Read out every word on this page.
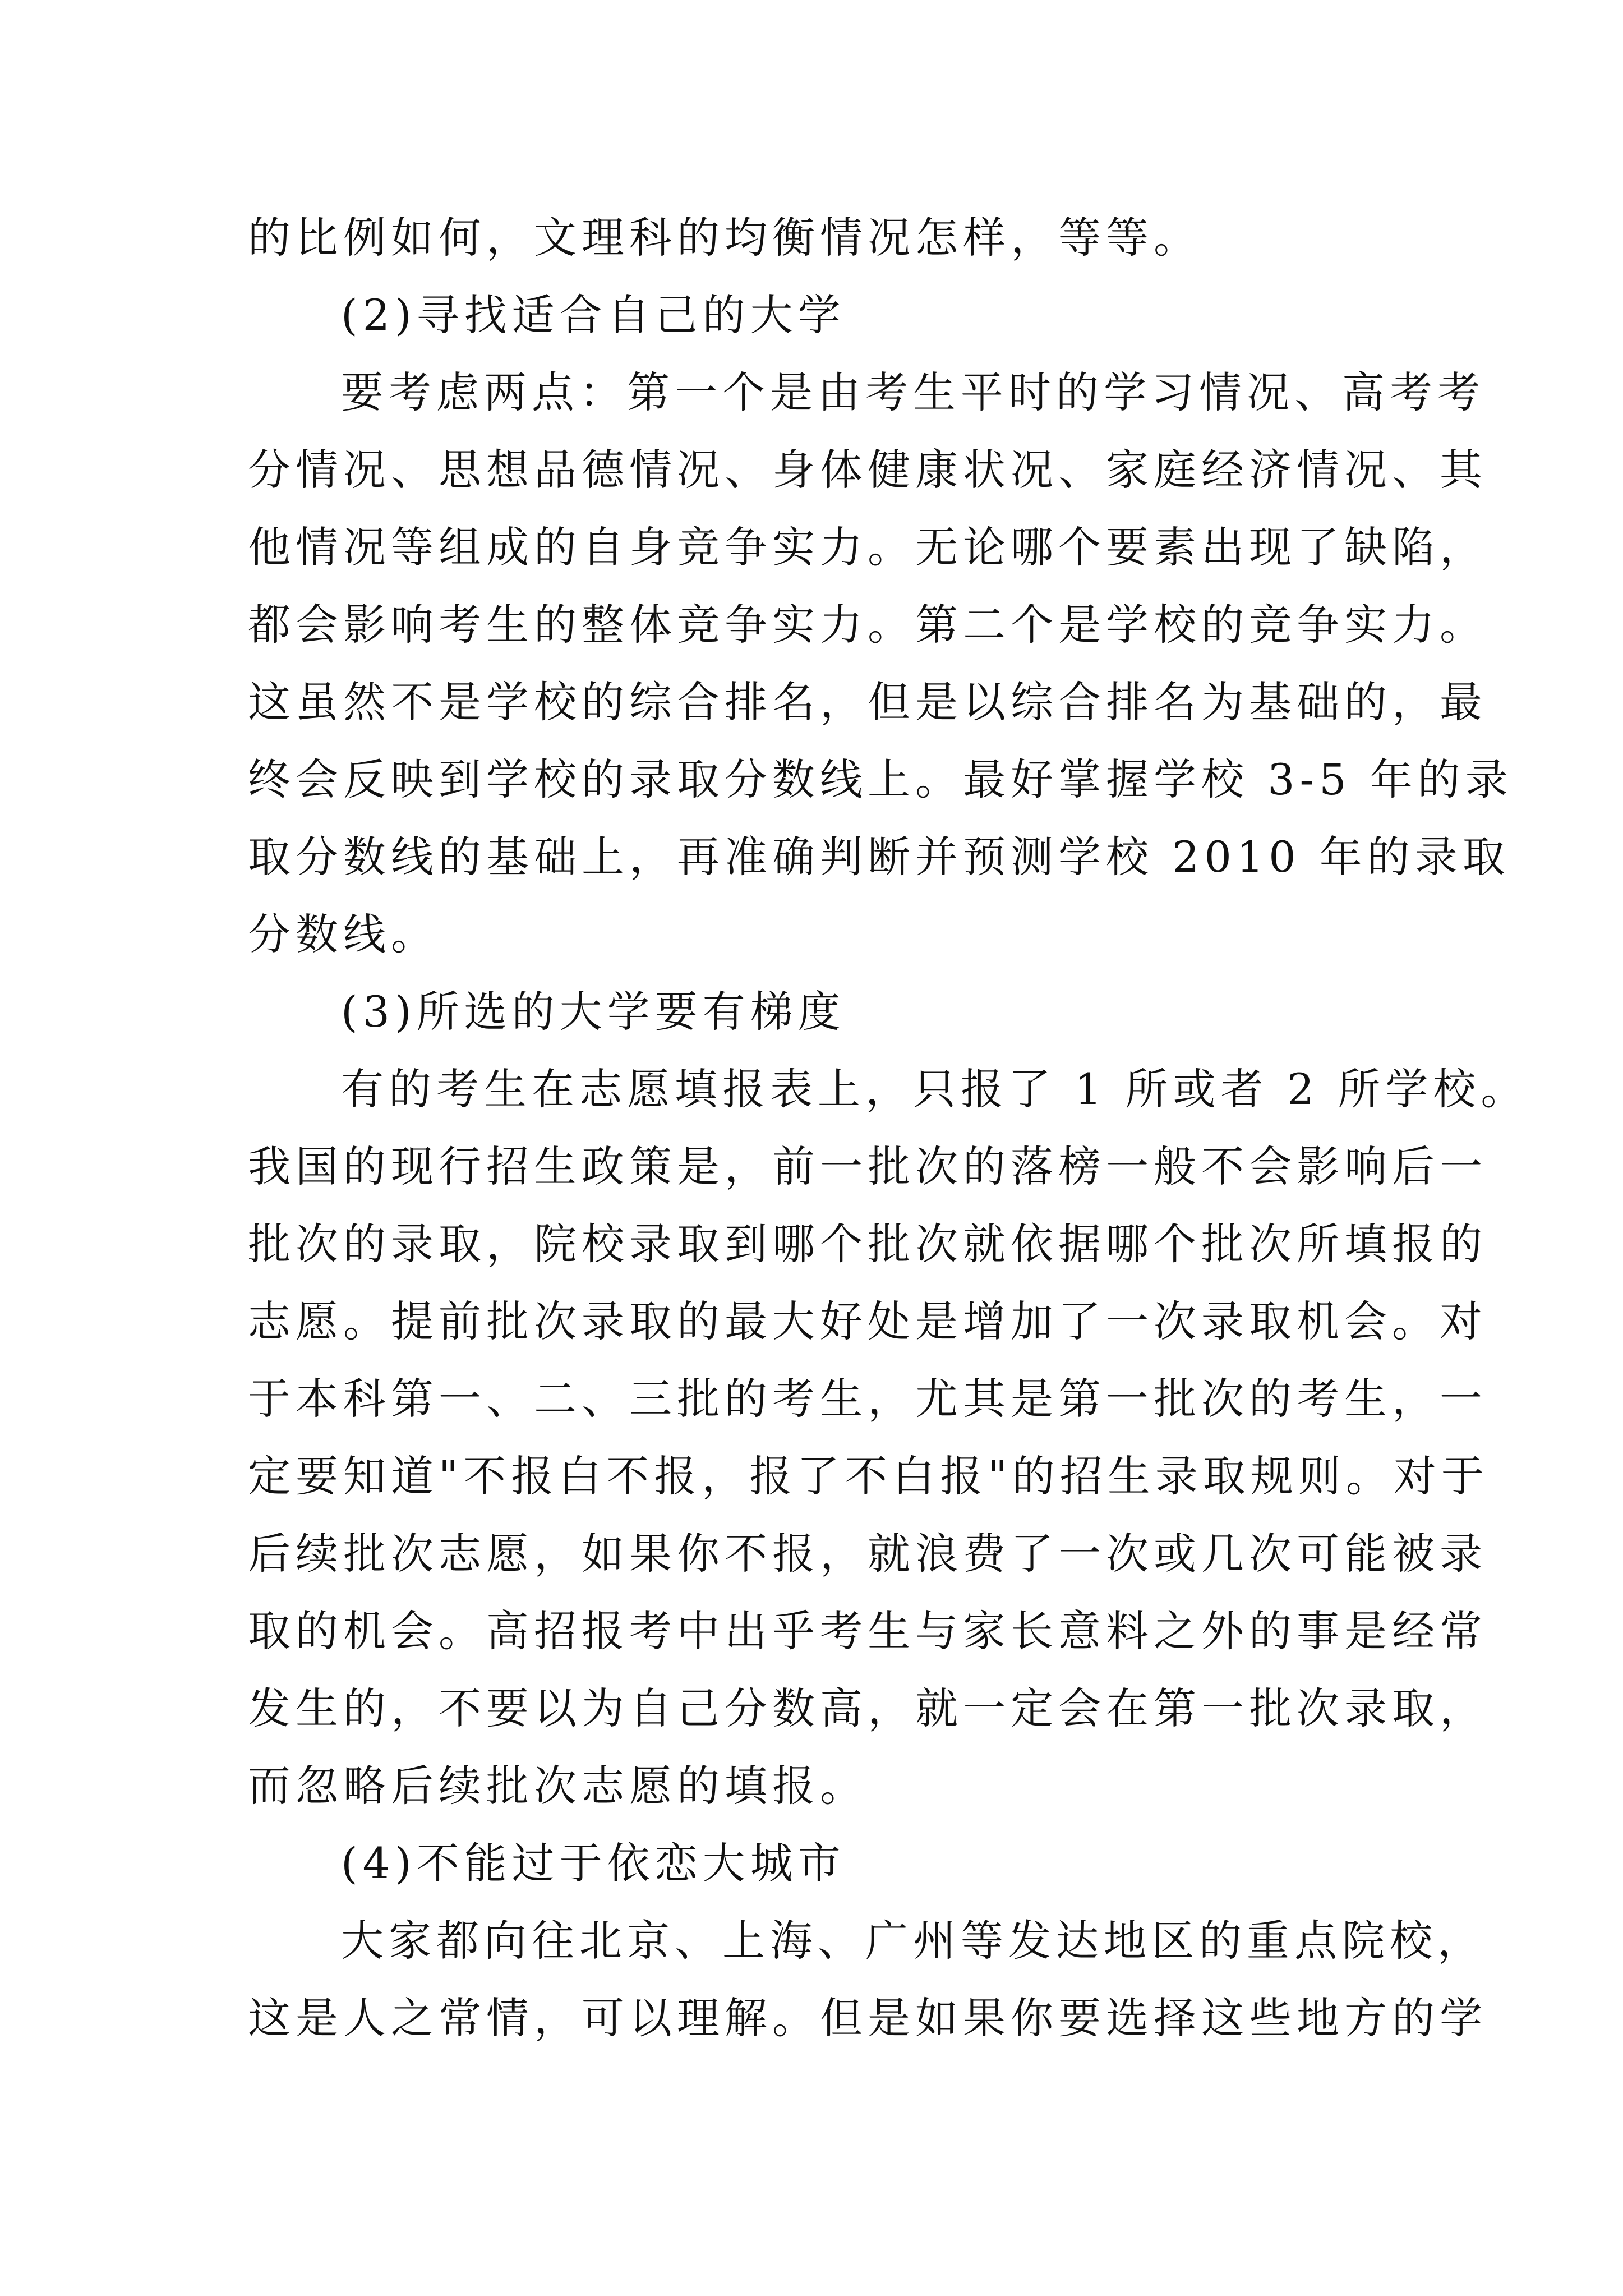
的比例如何，文理科的均衡情况怎样，等等。
(2)寻找适合自己的大学
要考虑两点：第一个是由考生平时的学习情况、高考考
分情况、思想品德情况、身体健康状况、家庭经济情况、其
他情况等组成的自身竞争实力。无论哪个要素出现了缺陷，
都会影响考生的整体竞争实力。第二个是学校的竞争实力。
这虽然不是学校的综合排名，但是以综合排名为基础的，最
终会反映到学校的录取分数线上。最好掌握学校 3-5 年的录
取分数线的基础上，再准确判断并预测学校 2010 年的录取
分数线。
(3)所选的大学要有梯度
有的考生在志愿填报表上，只报了 1 所或者 2 所学校。
我国的现行招生政策是，前一批次的落榜一般不会影响后一
批次的录取，院校录取到哪个批次就依据哪个批次所填报的
志愿。提前批次录取的最大好处是增加了一次录取机会。对
于本科第一、二、三批的考生，尤其是第一批次的考生，一
定要知道"不报白不报，报了不白报"的招生录取规则。对于
后续批次志愿，如果你不报，就浪费了一次或几次可能被录
取的机会。高招报考中出乎考生与家长意料之外的事是经常
发生的，不要以为自己分数高，就一定会在第一批次录取，
而忽略后续批次志愿的填报。
(4)不能过于依恋大城市
大家都向往北京、上海、广州等发达地区的重点院校，
这是人之常情，可以理解。但是如果你要选择这些地方的学
